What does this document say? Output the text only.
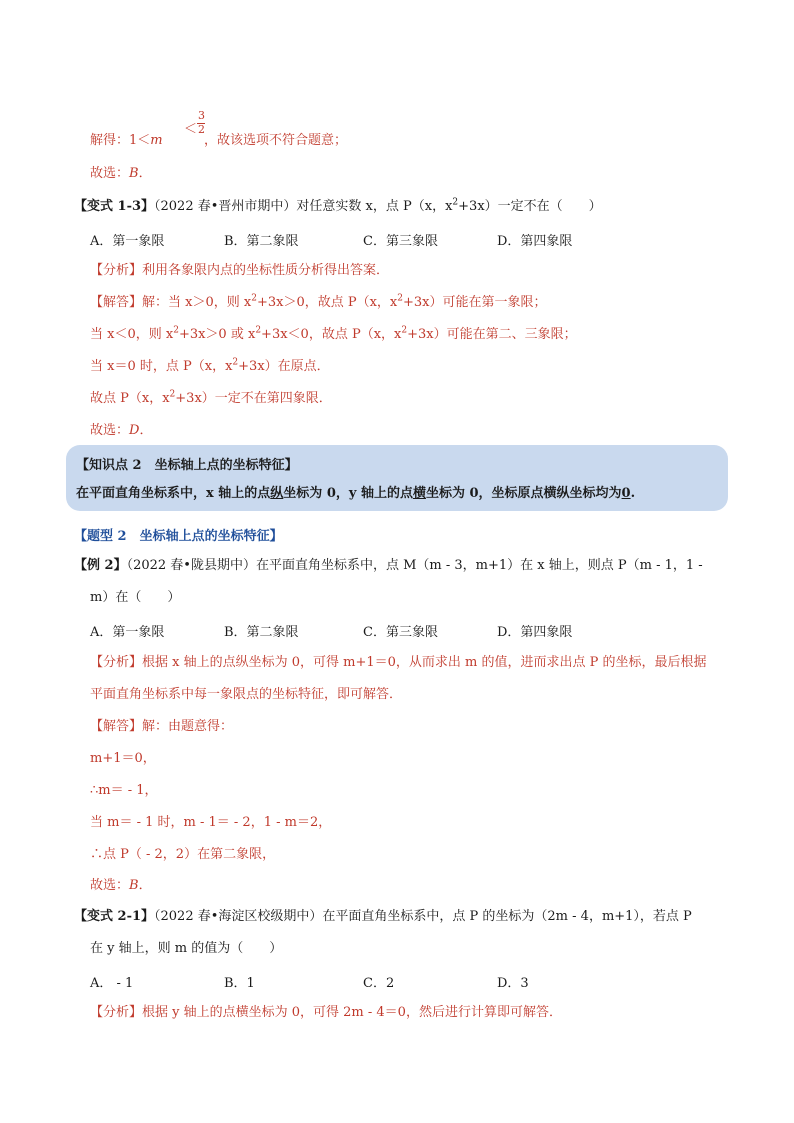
解得：1＜m
＜
3
2
，故该选项不符合题意；
故选：B．
【变式 1-3】（2022 春•晋州市期中）对任意实数 x，点 P（x，$x^2+3x$）一定不在（　　）
A．第一象限	B．第二象限	C．第三象限	D．第四象限
【分析】利用各象限内点的坐标性质分析得出答案．
【解答】解：当 x＞0，则 $x^2+3x>0$，故点 P（x，$x^2+3x$）可能在第一象限；
当 x＜0，则 $x^2+3x>0$ 或 $x^2+3x<0$，故点 P（x，$x^2+3x$）可能在第二、三象限；
当 x＝0 时，点 P（x，$x^2+3x$）在原点．
故点 P（x，$x^2+3x$）一定不在第四象限．
故选：D．
【知识点 2　坐标轴上点的坐标特征】
在平面直角坐标系中，x 轴上的点纵坐标为 0，y 轴上的点横坐标为 0，坐标原点横纵坐标均为0.
【题型 2　坐标轴上点的坐标特征】
【例 2】（2022 春•陇县期中）在平面直角坐标系中，点 M（m - 3，m+1）在 x 轴上，则点 P（m - 1，1 -
m）在（　　）
A．第一象限	B．第二象限	C．第三象限	D．第四象限
【分析】根据 x 轴上的点纵坐标为 0，可得 m+1＝0，从而求出 m 的值，进而求出点 P 的坐标，最后根据
平面直角坐标系中每一象限点的坐标特征，即可解答．
【解答】解：由题意得：
m+1＝0，
∴m＝ - 1，
当 m＝ - 1 时，m - 1＝ - 2，1 - m＝2，
∴点 P（ - 2，2）在第二象限，
故选：B．
【变式 2-1】（2022 春•海淀区校级期中）在平面直角坐标系中，点 P 的坐标为（2m - 4，m+1），若点 P
在 y 轴上，则 m 的值为（　　）
A． - 1	B．1	C．2	D．3
【分析】根据 y 轴上的点横坐标为 0，可得 2m - 4＝0，然后进行计算即可解答．
